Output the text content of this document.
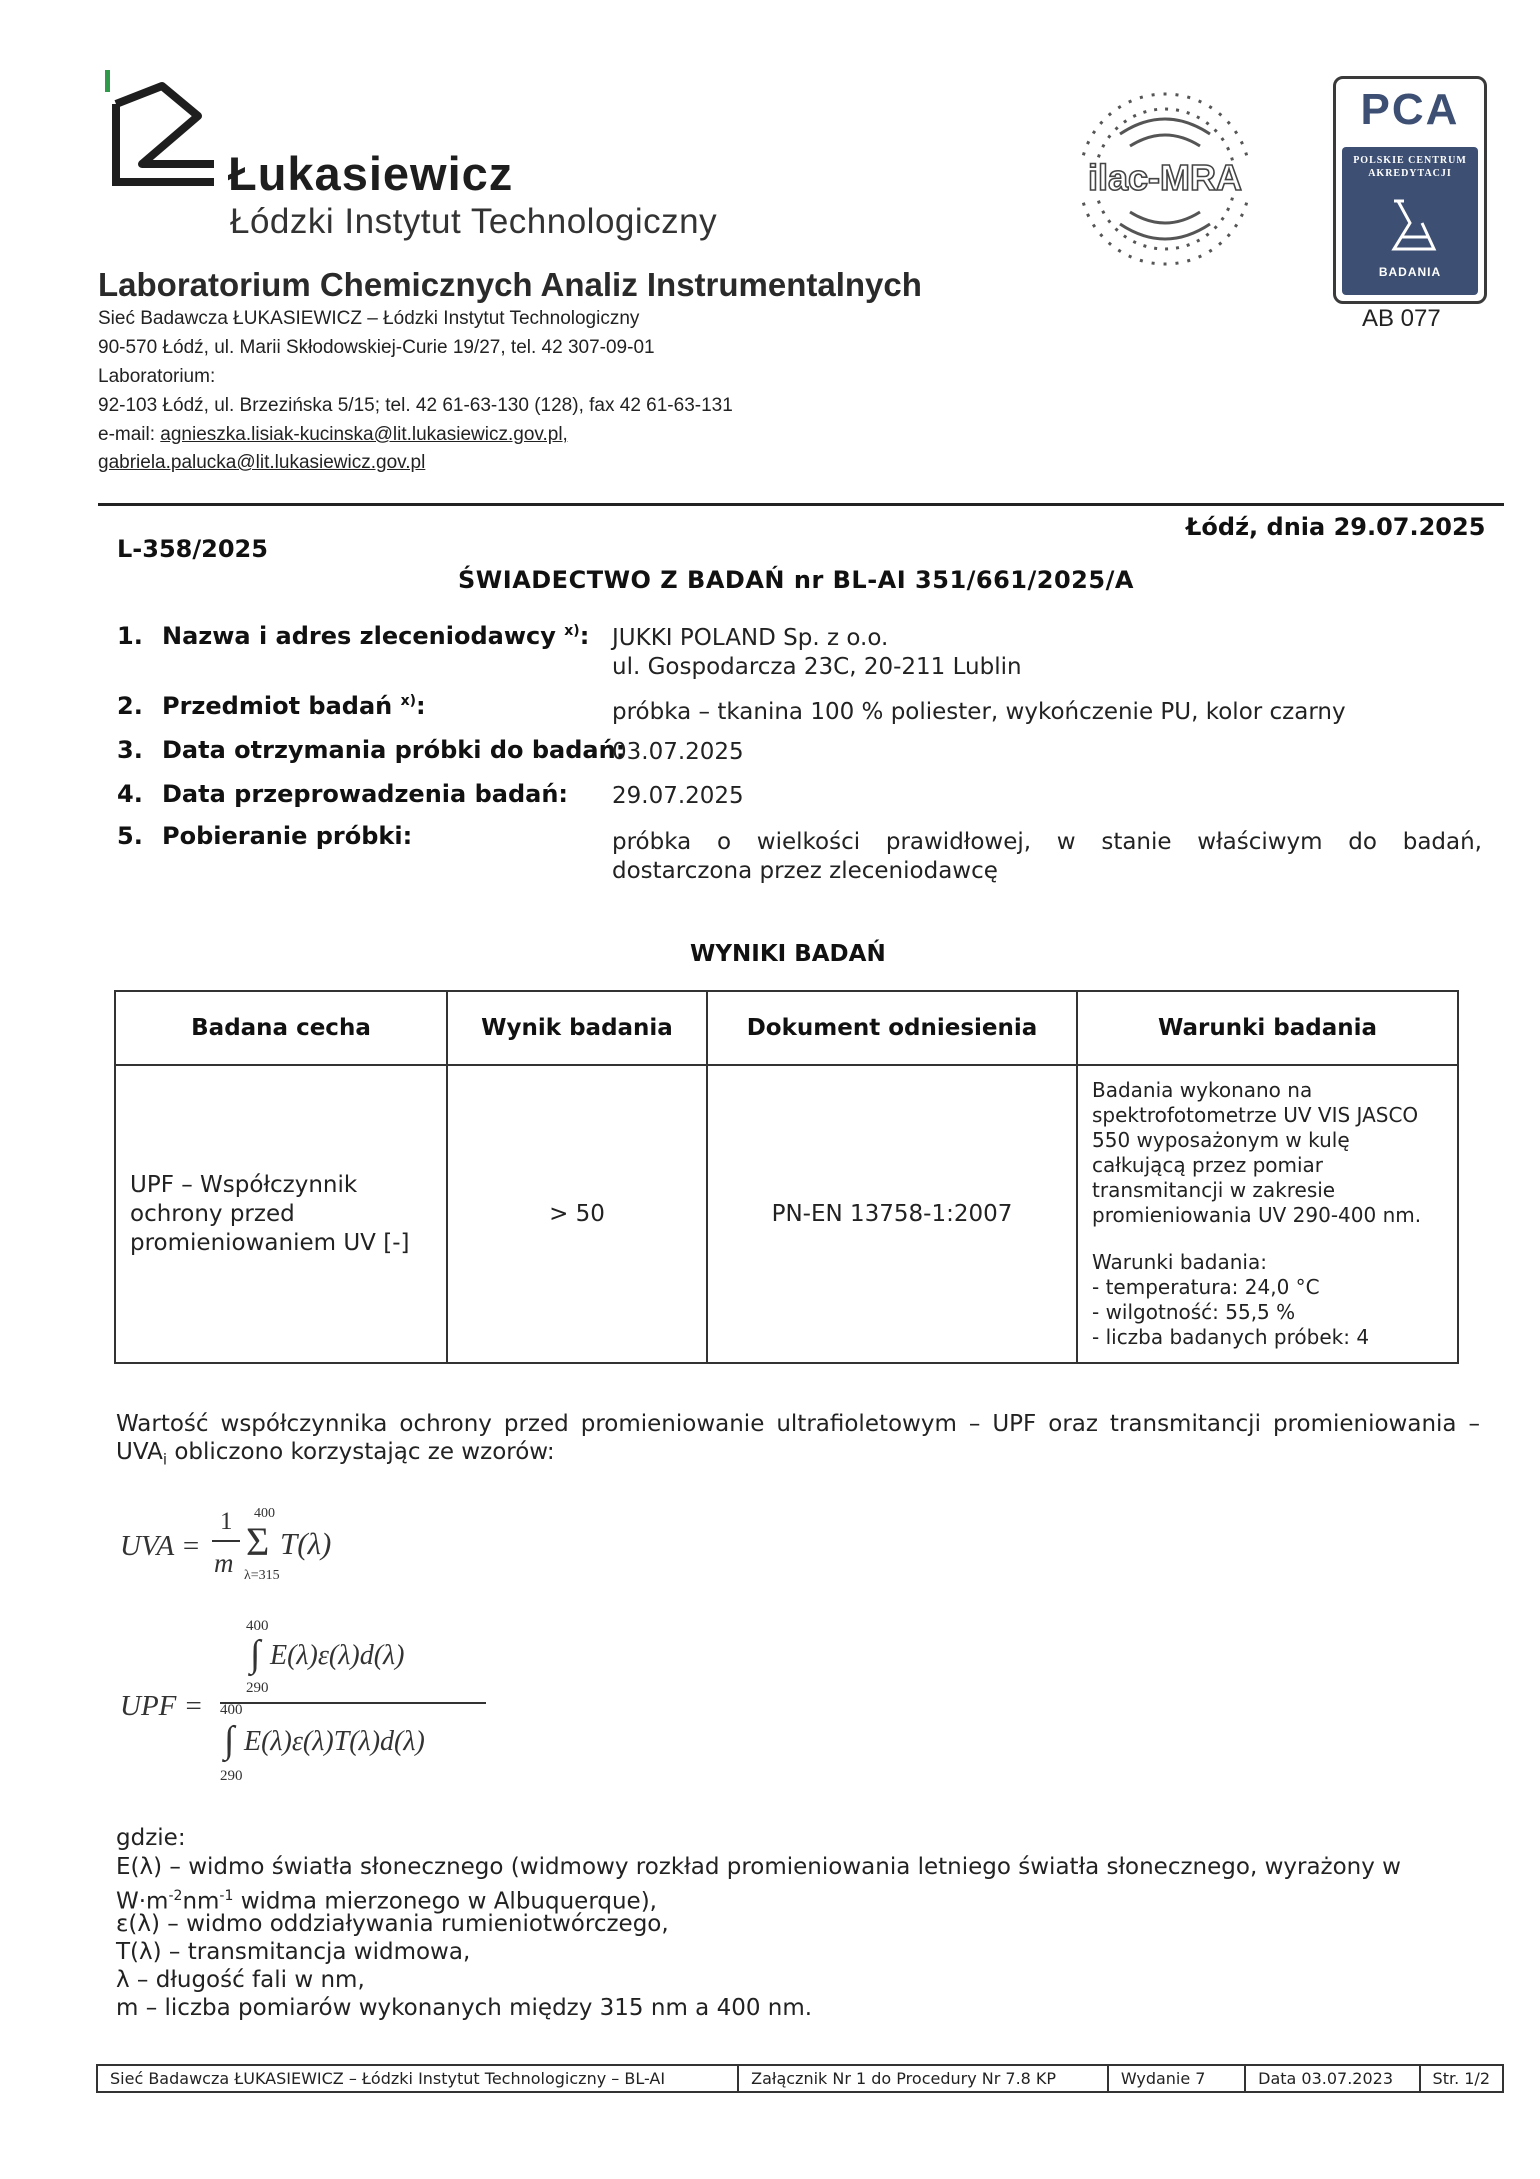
Łukasiewicz
Łódzki Instytut Technologiczny
Laboratorium Chemicznych Analiz Instrumentalnych
Sieć Badawcza ŁUKASIEWICZ – Łódzki Instytut Technologiczny
90-570 Łódź, ul. Marii Skłodowskiej-Curie 19/27, tel. 42 307-09-01
Laboratorium:
92-103 Łódź, ul. Brzezińska 5/15; tel. 42 61-63-130 (128), fax 42 61-63-131
e-mail: agnieszka.lisiak-kucinska@lit.lukasiewicz.gov.pl,
gabriela.palucka@lit.lukasiewicz.gov.pl
ilac-MRA
PCA
POLSKIE CENTRUM
AKREDYTACJI
BADANIA
AB 077
Łódź, dnia 29.07.2025
L-358/2025
ŚWIADECTWO Z BADAŃ nr BL-AI 351/661/2025/A
1. Nazwa i adres zleceniodawcy $^{x)}$: JUKKI POLAND Sp. z o.o.
ul. Gospodarcza 23C, 20-211 Lublin
2. Przedmiot badań $^{x)}$:	próbka – tkanina 100 % poliester, wykończenie PU, kolor czarny
3. Data otrzymania próbki do badań:
03.07.2025
4. Data przeprowadzenia badań: 29.07.2025
5. Pobieranie próbki:	próbka o wielkości prawidłowej, w stanie właściwym do badań, dostarczona przez zleceniodawcę
WYNIKI BADAŃ
Badana cecha	Wynik badania	Dokument odniesienia	Warunki badania
UPF – Współczynnik ochrony przed promieniowaniem UV [-]	> 50	PN-EN 13758-1:2007	Badania wykonano na spektrofotometrze UV VIS JASCO 550 wyposażonym w kulę całkującą przez pomiar transmitancji w zakresie promieniowania UV 290-400 nm.
Warunki badania:
- temperatura: 24,0 °C
- wilgotność: 55,5 %
- liczba badanych próbek: 4
Wartość współczynnika ochrony przed promieniowanie ultrafioletowym – UPF oraz transmitancji promieniowania – $UVA_i$ obliczono korzystając ze wzorów:
UVA =
1
m
400
Σ
λ=315
T(λ)
UPF =
400
∫ E(λ)ε(λ)d(λ)
290
400
∫ E(λ)ε(λ)T(λ)d(λ)
290
gdzie:
E(λ) – widmo światła słonecznego (widmowy rozkład promieniowania letniego światła słonecznego, wyrażony w
$W\cdot m^{-2}nm^{-1}$ widma mierzonego w Albuquerque),
ε(λ) – widmo oddziaływania rumieniotwórczego,
T(λ) – transmitancja widmowa,
λ – długość fali w nm,
m – liczba pomiarów wykonanych między 315 nm a 400 nm.
Sieć Badawcza ŁUKASIEWICZ – Łódzki Instytut Technologiczny – BL-AI	Załącznik Nr 1 do Procedury Nr 7.8 KP	Wydanie 7	Data 03.07.2023	Str. 1/2
